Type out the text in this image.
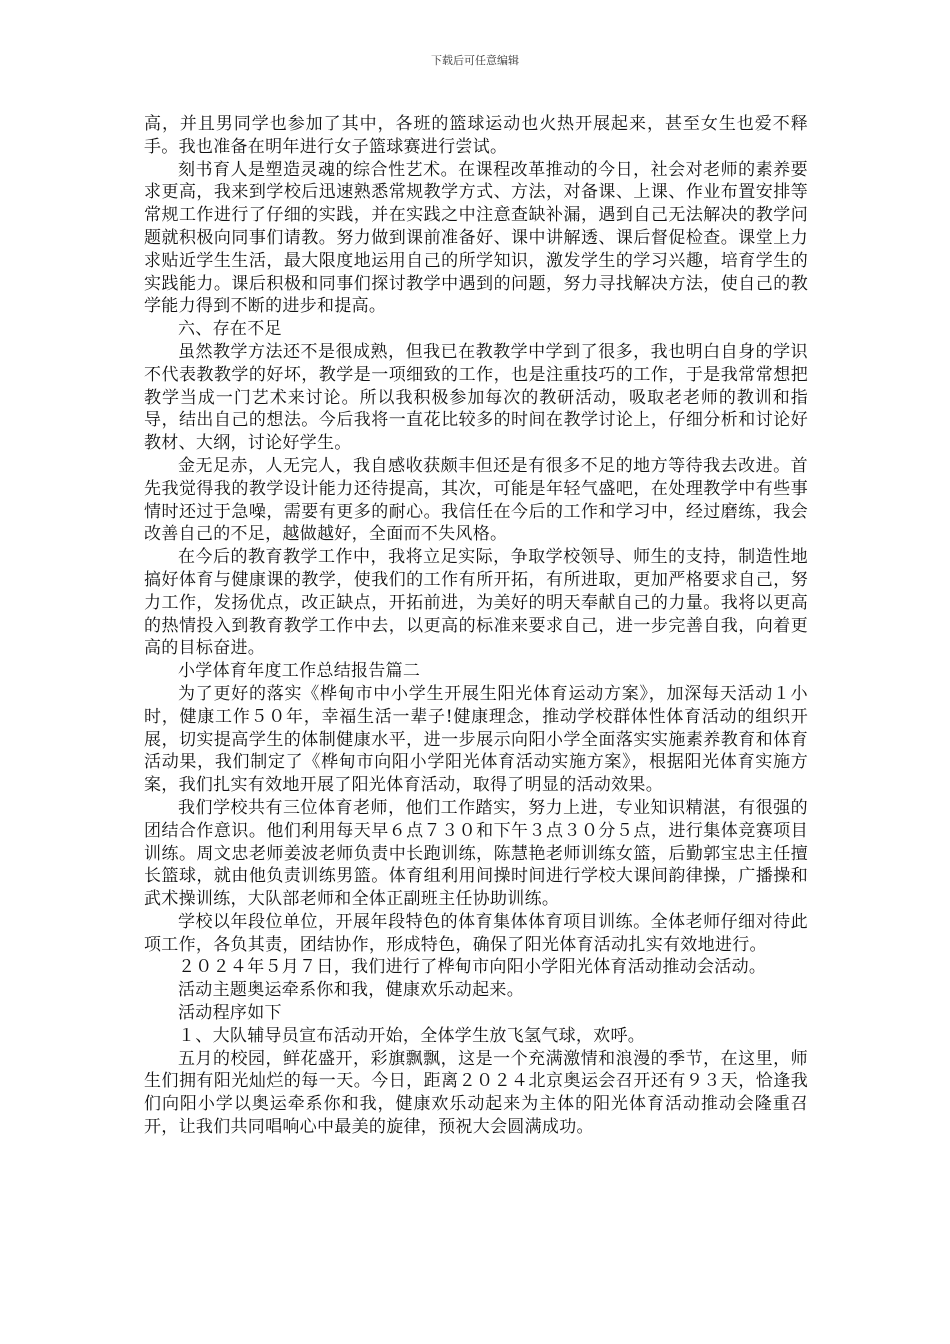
下载后可任意编辑

高，并且男同学也参加了其中，各班的篮球运动也火热开展起来，甚至女生也爱不释手。我也准备在明年进行女子篮球赛进行尝试。

刻书育人是塑造灵魂的综合性艺术。在课程改革推动的今日，社会对老师的素养要求更高，我来到学校后迅速熟悉常规教学方式、方法，对备课、上课、作业布置安排等常规工作进行了仔细的实践，并在实践之中注意查缺补漏，遇到自己无法解决的教学问题就积极向同事们请教。努力做到课前准备好、课中讲解透、课后督促检查。课堂上力求贴近学生生活，最大限度地运用自己的所学知识，激发学生的学习兴趣，培育学生的实践能力。课后积极和同事们探讨教学中遇到的问题，努力寻找解决方法，使自己的教学能力得到不断的进步和提高。

六、存在不足

虽然教学方法还不是很成熟，但我已在教教学中学到了很多，我也明白自身的学识不代表教教学的好坏，教学是一项细致的工作，也是注重技巧的工作，于是我常常想把教学当成一门艺术来讨论。所以我积极参加每次的教研活动，吸取老老师的教训和指导，结出自己的想法。今后我将一直花比较多的时间在教学讨论上，仔细分析和讨论好教材、大纲，讨论好学生。

金无足赤，人无完人，我自感收获颇丰但还是有很多不足的地方等待我去改进。首先我觉得我的教学设计能力还待提高，其次，可能是年轻气盛吧，在处理教学中有些事情时还过于急噪，需要有更多的耐心。我信任在今后的工作和学习中，经过磨练，我会改善自己的不足，越做越好，全面而不失风格。

在今后的教育教学工作中，我将立足实际，争取学校领导、师生的支持，制造性地搞好体育与健康课的教学，使我们的工作有所开拓，有所进取，更加严格要求自己，努力工作，发扬优点，改正缺点，开拓前进，为美好的明天奉献自己的力量。我将以更高的热情投入到教育教学工作中去，以更高的标准来要求自己，进一步完善自我，向着更高的目标奋进。

小学体育年度工作总结报告篇二

为了更好的落实《桦甸市中小学生开展生阳光体育运动方案》，加深每天活动１小时，健康工作５０年，幸福生活一辈子!健康理念，推动学校群体性体育活动的组织开展，切实提高学生的体制健康水平，进一步展示向阳小学全面落实实施素养教育和体育活动果，我们制定了《桦甸市向阳小学阳光体育活动实施方案》，根据阳光体育实施方案，我们扎实有效地开展了阳光体育活动，取得了明显的活动效果。

我们学校共有三位体育老师，他们工作踏实，努力上进，专业知识精湛，有很强的团结合作意识。他们利用每天早６点７３０和下午３点３０分５点，进行集体竞赛项目训练。周文忠老师姜波老师负责中长跑训练，陈慧艳老师训练女篮，后勤郭宝忠主任擅长篮球，就由他负责训练男篮。体育组利用间操时间进行学校大课间韵律操，广播操和武术操训练，大队部老师和全体正副班主任协助训练。

学校以年段位单位，开展年段特色的体育集体体育项目训练。全体老师仔细对待此项工作，各负其责，团结协作，形成特色，确保了阳光体育活动扎实有效地进行。

２０２４年５月７日，我们进行了桦甸市向阳小学阳光体育活动推动会活动。

活动主题奥运牵系你和我，健康欢乐动起来。

活动程序如下

１、大队辅导员宣布活动开始，全体学生放飞氢气球，欢呼。

五月的校园，鲜花盛开，彩旗飘飘，这是一个充满激情和浪漫的季节，在这里，师生们拥有阳光灿烂的每一天。今日，距离２０２４北京奥运会召开还有９３天，恰逢我们向阳小学以奥运牵系你和我，健康欢乐动起来为主体的阳光体育活动推动会隆重召开，让我们共同唱响心中最美的旋律，预祝大会圆满成功。
